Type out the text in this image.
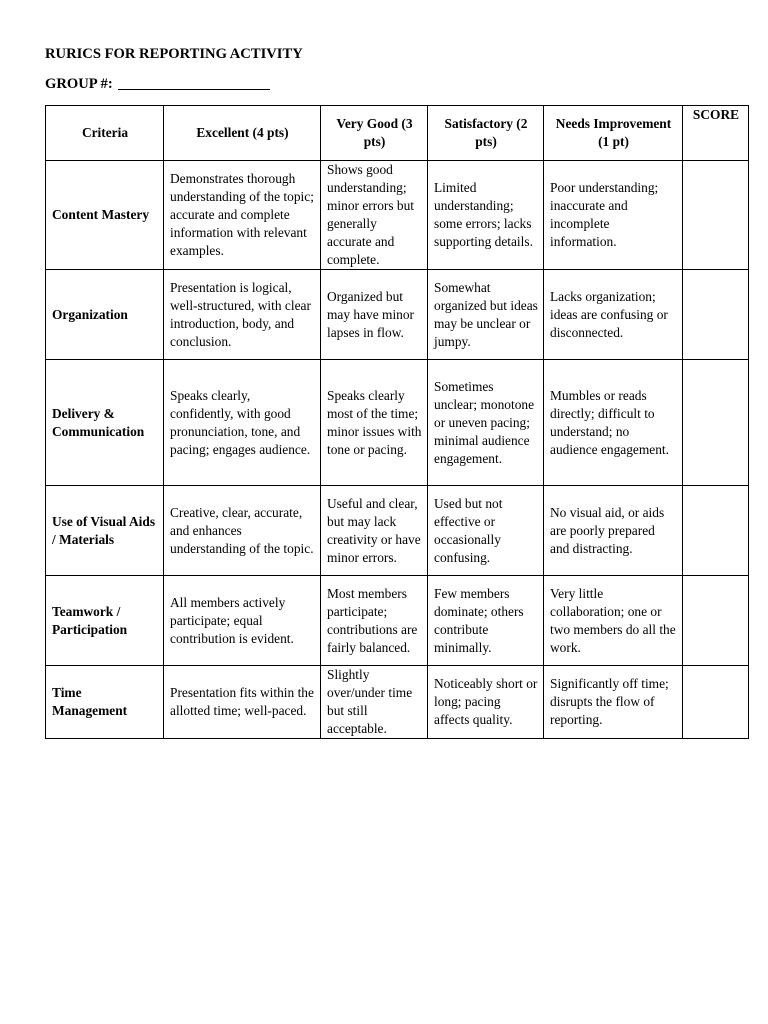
RURICS FOR REPORTING ACTIVITY
GROUP #:
Criteria	Excellent (4 pts)	Very Good (3 pts)	Satisfactory (2 pts)	Needs Improvement (1 pt)	SCORE
Content Mastery	Demonstrates thorough understanding of the topic; accurate and complete information with relevant examples.	Shows good understanding; minor errors but generally accurate and complete.	Limited understanding; some errors; lacks supporting details.	Poor understanding; inaccurate and incomplete information.	
Organization	Presentation is logical, well-structured, with clear introduction, body, and conclusion.	Organized but may have minor lapses in flow.	Somewhat organized but ideas may be unclear or jumpy.	Lacks organization; ideas are confusing or disconnected.	
Delivery & Communication	Speaks clearly, confidently, with good pronunciation, tone, and pacing; engages audience.	Speaks clearly most of the time; minor issues with tone or pacing.	Sometimes unclear; monotone or uneven pacing; minimal audience engagement.	Mumbles or reads directly; difficult to understand; no audience engagement.	
Use of Visual Aids / Materials	Creative, clear, accurate, and enhances understanding of the topic.	Useful and clear, but may lack creativity or have minor errors.	Used but not effective or occasionally confusing.	No visual aid, or aids are poorly prepared and distracting.	
Teamwork / Participation	All members actively participate; equal contribution is evident.	Most members participate; contributions are fairly balanced.	Few members dominate; others contribute minimally.	Very little collaboration; one or two members do all the work.	
Time Management	Presentation fits within the allotted time; well-paced.	Slightly over/under time but still acceptable.	Noticeably short or long; pacing affects quality.	Significantly off time; disrupts the flow of reporting.	
